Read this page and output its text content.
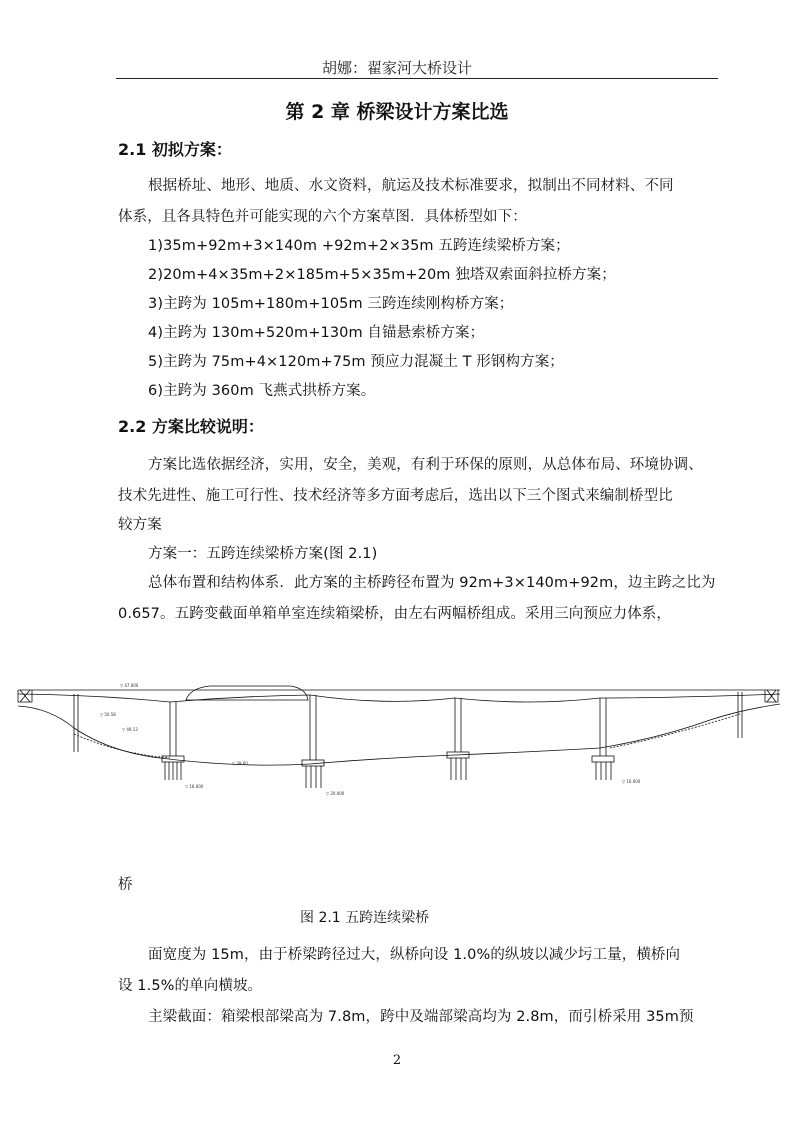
胡娜：翟家河大桥设计
第 2 章 桥梁设计方案比选
2.1 初拟方案：
根据桥址、地形、地质、水文资料，航运及技术标准要求，拟制出不同材料、不同
体系，且各具特色并可能实现的六个方案草图．具体桥型如下：
1)35m+92m+3×140m +92m+2×35m 五跨连续梁桥方案；
2)20m+4×35m+2×185m+5×35m+20m 独塔双索面斜拉桥方案；
3)主跨为 105m+180m+105m 三跨连续刚构桥方案；
4)主跨为 130m+520m+130m 自锚悬索桥方案；
5)主跨为 75m+4×120m+75m 预应力混凝土 T 形钢构方案；
6)主跨为 360m 飞燕式拱桥方案。
2.2 方案比较说明：
方案比选依据经济，实用，安全，美观，有利于环保的原则，从总体布局、环境协调、
技术先进性、施工可行性、技术经济等多方面考虑后，选出以下三个图式来编制桥型比
较方案
方案一：五跨连续梁桥方案(图 2.1)
总体布置和结构体系．此方案的主桥跨径布置为 92m+3×140m+92m，边主跨之比为
0.657。五跨变截面单箱单室连续箱梁桥，由左右两幅桥组成。采用三向预应力体系，
▽ 47.000
▽ 50.58
▽ 49.13
▽ 39.60
▽ 18.000
▽ 20.000
▽ 16.000
桥
图 2.1 五跨连续梁桥
面宽度为 15m，由于桥梁跨径过大，纵桥向设 1.0%的纵坡以减少圬工量，横桥向
设 1.5%的单向横坡。
主梁截面：箱梁根部梁高为 7.8m，跨中及端部梁高均为 2.8m，而引桥采用 35m预
2
